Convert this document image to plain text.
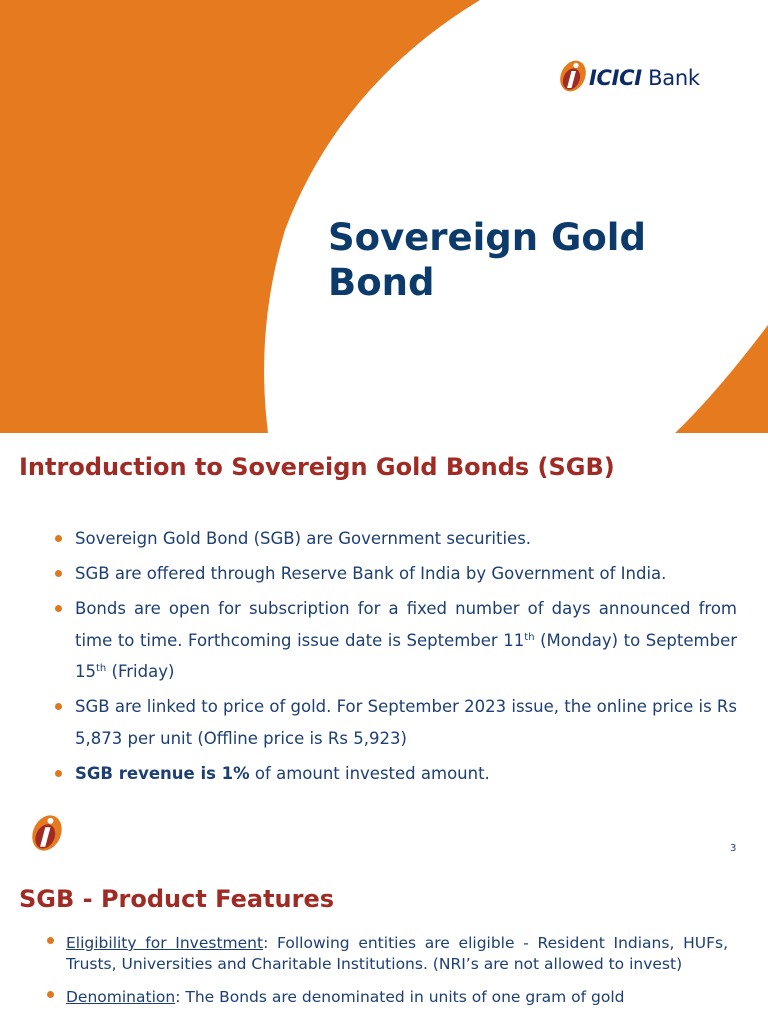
ICICI Bank
Sovereign Gold Bond
Introduction to Sovereign Gold Bonds (SGB)
Sovereign Gold Bond (SGB) are Government securities.
SGB are offered through Reserve Bank of India by Government of India.
Bonds are open for subscription for a fixed number of days announced from time to time. Forthcoming issue date is September 11th (Monday) to September 15th (Friday)
SGB are linked to price of gold. For September 2023 issue, the online price is Rs 5,873 per unit (Offline price is Rs 5,923)
SGB revenue is 1% of amount invested amount.
3
SGB - Product Features
Eligibility for Investment: Following entities are eligible - Resident Indians, HUFs, Trusts, Universities and Charitable Institutions. (NRI’s are not allowed to invest)
Denomination: The Bonds are denominated in units of one gram of gold
